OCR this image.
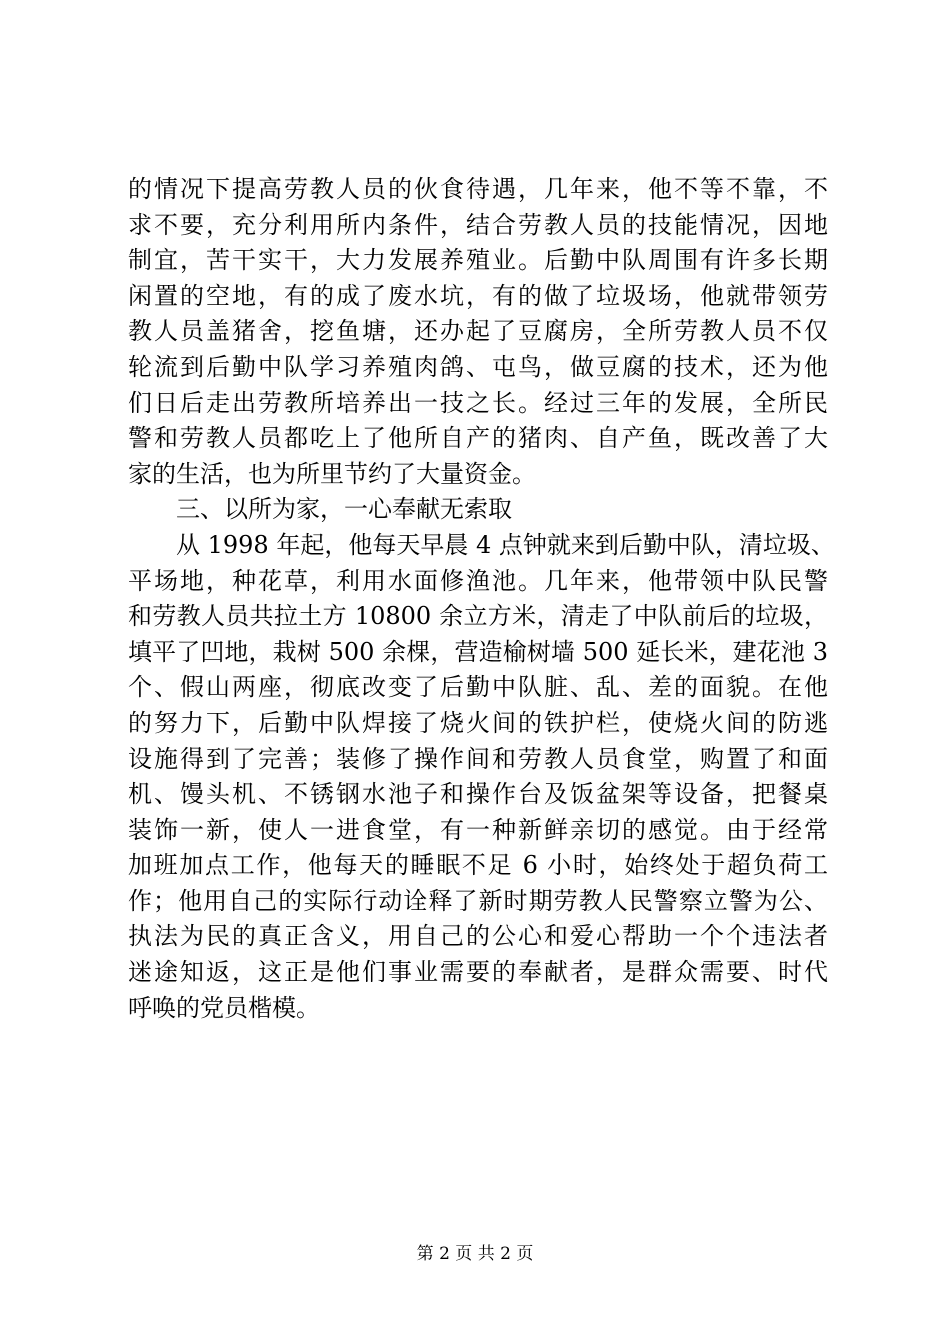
的情况下提高劳教人员的伙食待遇，几年来，他不等不靠，不
求不要，充分利用所内条件，结合劳教人员的技能情况，因地
制宜，苦干实干，大力发展养殖业。后勤中队周围有许多长期
闲置的空地，有的成了废水坑，有的做了垃圾场，他就带领劳
教人员盖猪舍，挖鱼塘，还办起了豆腐房，全所劳教人员不仅
轮流到后勤中队学习养殖肉鸽、屯鸟，做豆腐的技术，还为他
们日后走出劳教所培养出一技之长。经过三年的发展，全所民
警和劳教人员都吃上了他所自产的猪肉、自产鱼，既改善了大
家的生活，也为所里节约了大量资金。
三、以所为家，一心奉献无索取
从 1998 年起，他每天早晨 4 点钟就来到后勤中队，清垃圾、
平场地，种花草，利用水面修渔池。几年来，他带领中队民警
和劳教人员共拉土方 10800 余立方米，清走了中队前后的垃圾，
填平了凹地，栽树 500 余棵，营造榆树墙 500 延长米，建花池 3
个、假山两座，彻底改变了后勤中队脏、乱、差的面貌。在他
的努力下，后勤中队焊接了烧火间的铁护栏，使烧火间的防逃
设施得到了完善；装修了操作间和劳教人员食堂，购置了和面
机、馒头机、不锈钢水池子和操作台及饭盆架等设备，把餐桌
装饰一新，使人一进食堂，有一种新鲜亲切的感觉。由于经常
加班加点工作，他每天的睡眠不足 6 小时，始终处于超负荷工
作；他用自己的实际行动诠释了新时期劳教人民警察立警为公、
执法为民的真正含义，用自己的公心和爱心帮助一个个违法者
迷途知返，这正是他们事业需要的奉献者，是群众需要、时代
呼唤的党员楷模。
第 2 页 共 2 页
